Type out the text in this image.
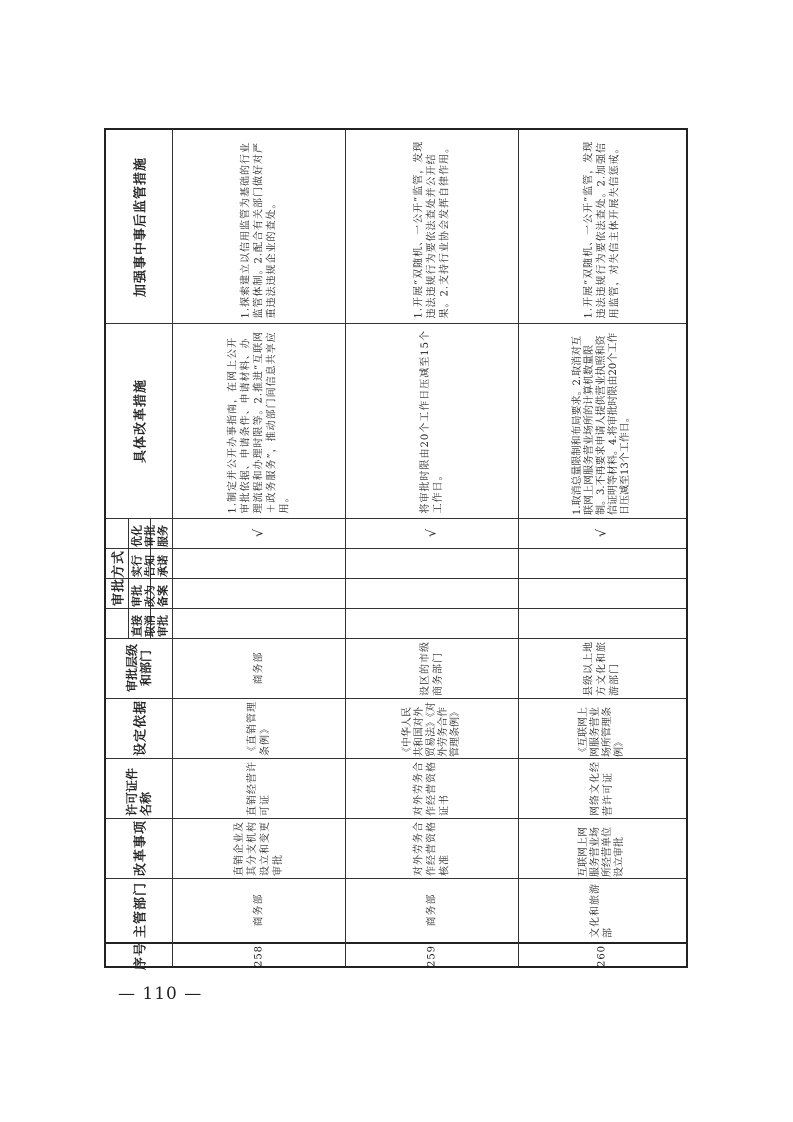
序号
主管部门
改革事项
许可证件名称
设定依据
审批层级和部门
审批方式
直接取消审批
审批改为备案
实行告知承诺
优化审批服务
具体改革措施
加强事中事后监管措施
258
商务部
直销企业及其分支机构设立和变更审批
直销经营许可证
《直销管理条例》
商务部
√
1.制定并公开办事指南，在网上公开审批依据、申请条件、申请材料、办理流程和办理时限等。2.推进“互联网＋政务服务”，推动部门间信息共享应用。
1.探索建立以信用监管为基础的行业监管体制。2.配合有关部门做好对严重违法违规企业的查处。
259
商务部
对外劳务合作经营资格核准
对外劳务合作经营资格证书
《中华人民共和国对外贸易法》《对外劳务合作管理条例》
设区的市级商务部门
√
将审批时限由20个工作日压减至15个工作日。
1.开展“双随机、一公开”监管，发现违法违规行为要依法查处并公开结果。2.支持行业协会发挥自律作用。
260
文化和旅游部
互联网上网服务营业场所经营单位设立审批
网络文化经营许可证
《互联网上网服务营业场所管理条例》
县级以上地方文化和旅游部门
√
1.取消总量限制和布局要求。2.取消对互联网上网服务营业场所的计算机数量限制。3.不再要求申请人提供营业执照和资信证明等材料。4.将审批时限由20个工作日压减至13个工作日。
1.开展“双随机、一公开”监管，发现违法违规行为要依法查处。2.加强信用监管，对失信主体开展失信惩戒。
— 110 —
